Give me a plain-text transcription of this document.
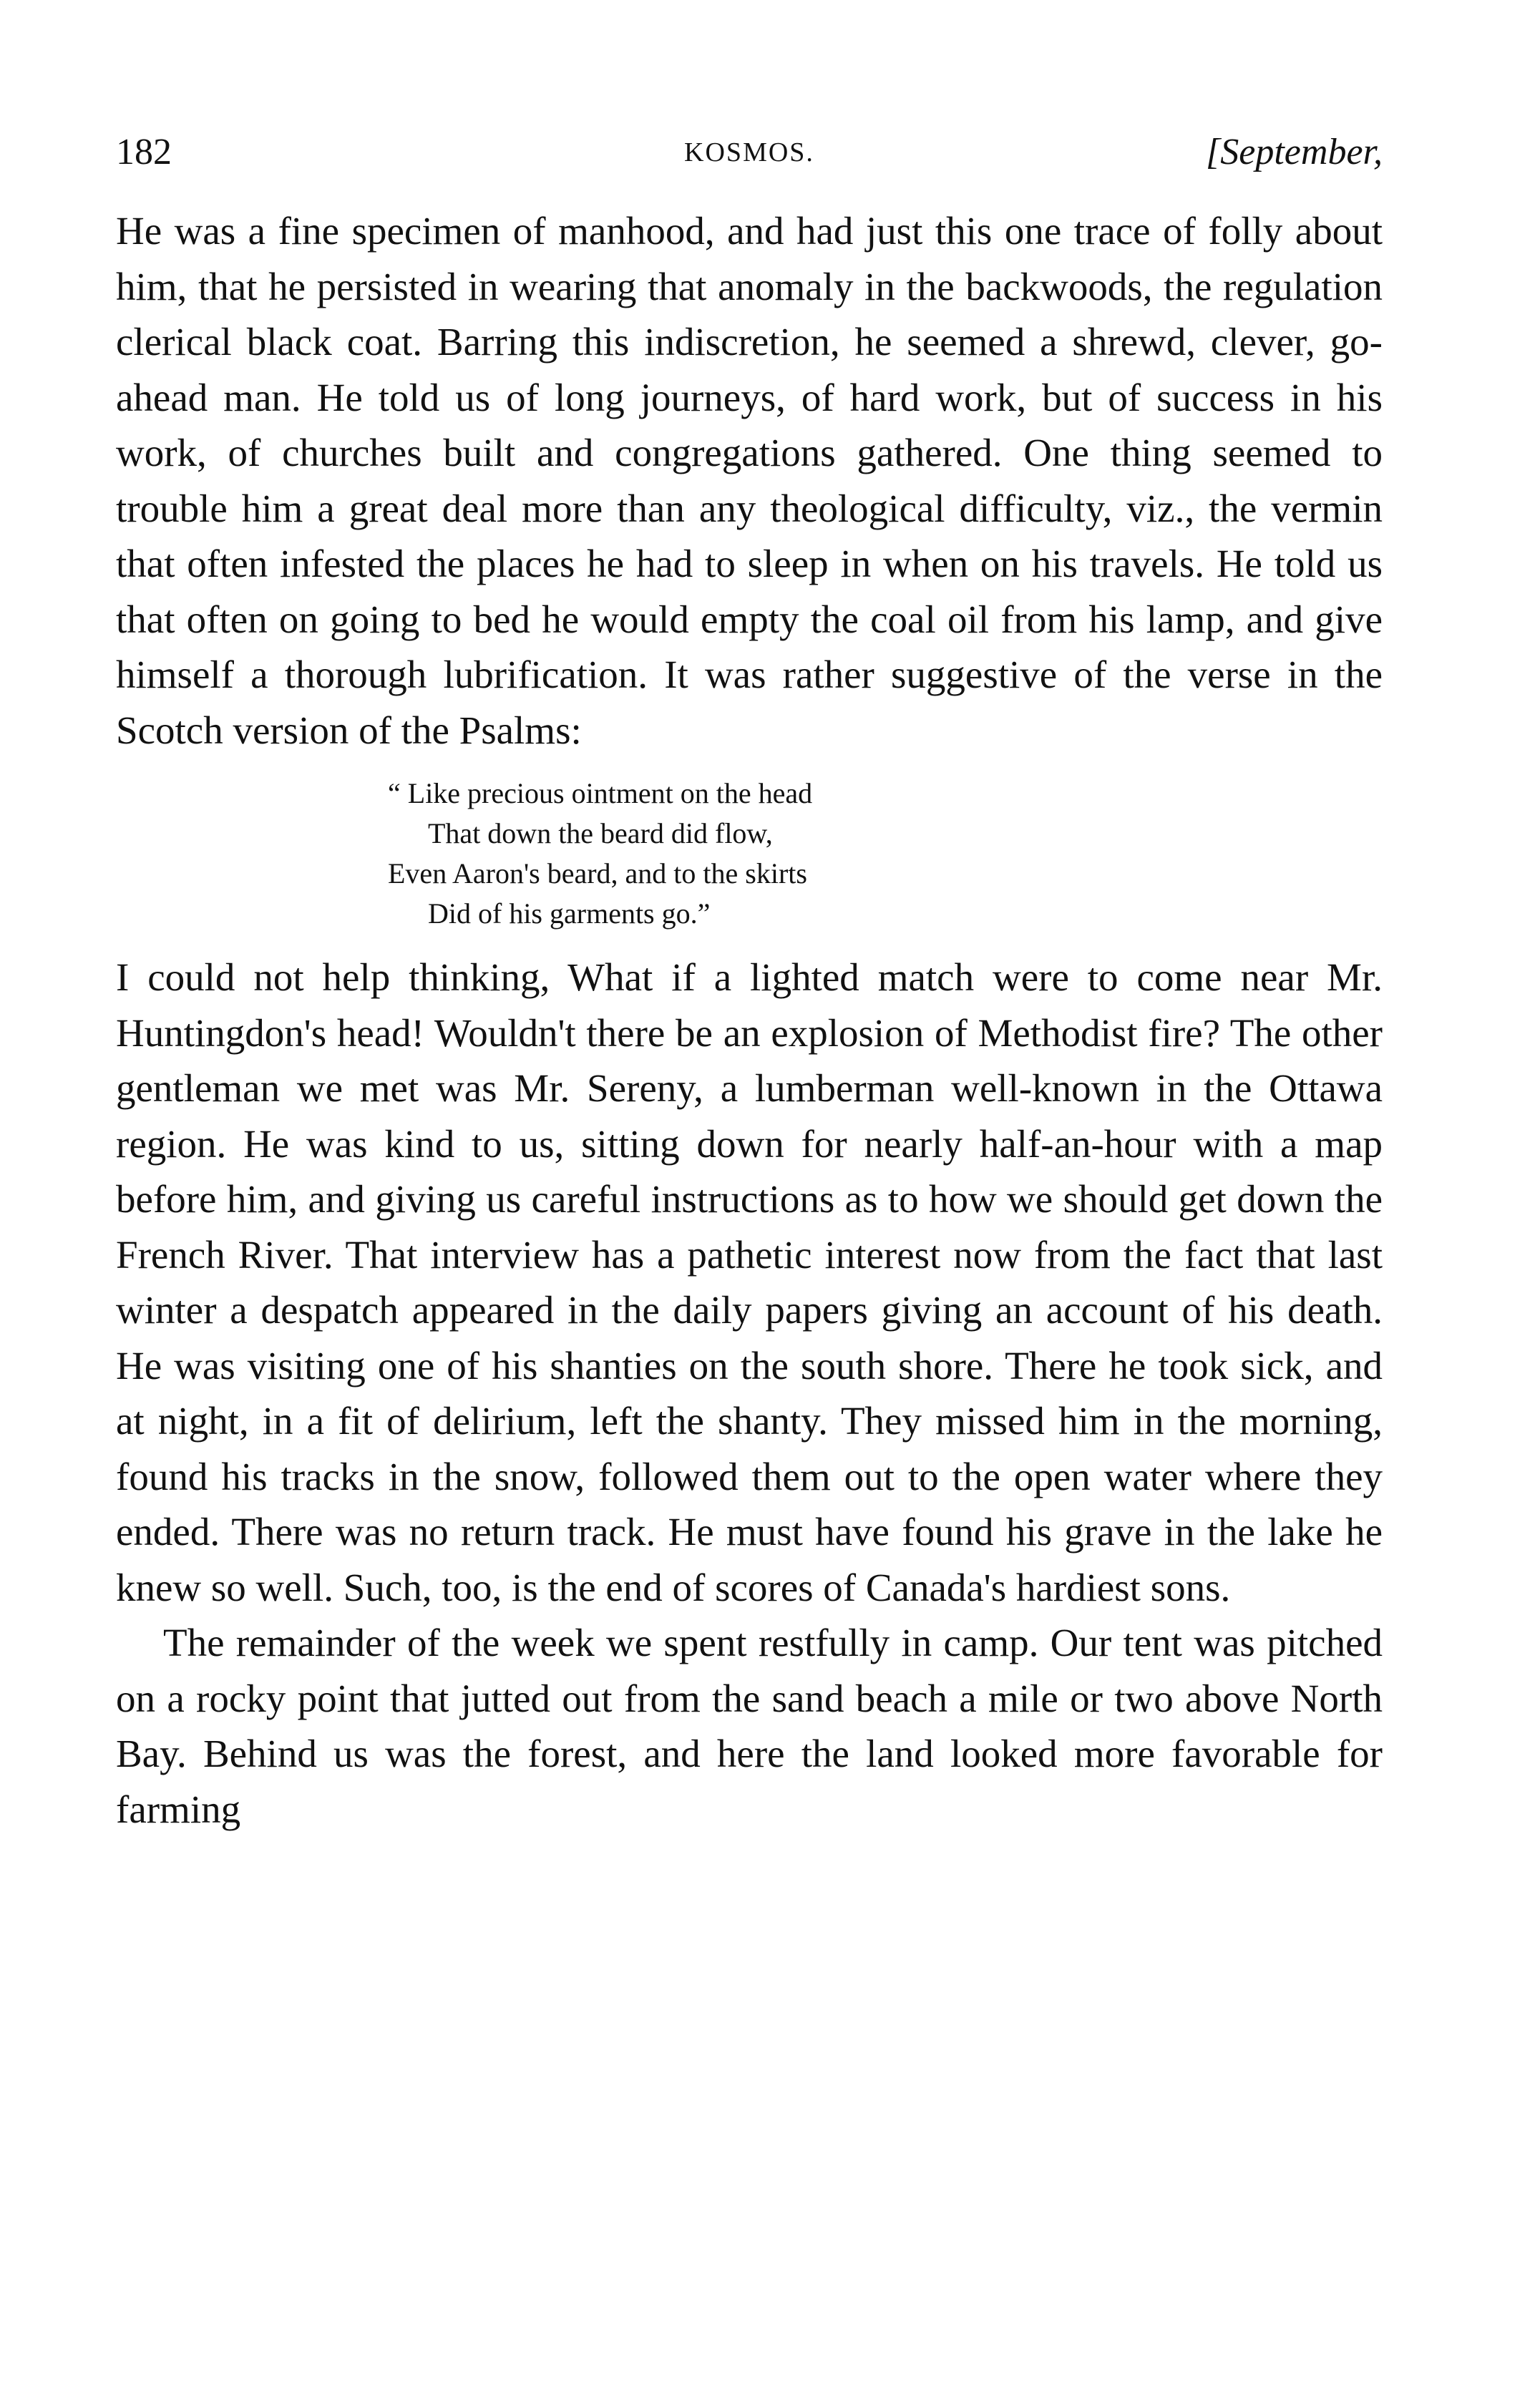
182	KOSMOS.	[September,

He was a fine specimen of manhood, and had just this one trace of folly about him, that he persisted in wearing that anomaly in the backwoods, the regulation clerical black coat. Barring this indiscretion, he seemed a shrewd, clever, go-ahead man. He told us of long journeys, of hard work, but of success in his work, of churches built and congregations gathered. One thing seemed to trouble him a great deal more than any theological difficulty, viz., the vermin that often infested the places he had to sleep in when on his travels. He told us that often on going to bed he would empty the coal oil from his lamp, and give himself a thorough lubrification. It was rather suggestive of the verse in the Scotch version of the Psalms:

“ Like precious ointment on the head
That down the beard did flow,
Even Aaron's beard, and to the skirts
Did of his garments go.”

I could not help thinking, What if a lighted match were to come near Mr. Huntingdon's head! Wouldn't there be an explosion of Methodist fire? The other gentleman we met was Mr. Sereny, a lumberman well-known in the Ottawa region. He was kind to us, sitting down for nearly half-an-hour with a map before him, and giving us careful instructions as to how we should get down the French River. That interview has a pathetic interest now from the fact that last winter a despatch appeared in the daily papers giving an account of his death. He was visiting one of his shanties on the south shore. There he took sick, and at night, in a fit of delirium, left the shanty. They missed him in the morning, found his tracks in the snow, followed them out to the open water where they ended. There was no return track. He must have found his grave in the lake he knew so well. Such, too, is the end of scores of Canada's hardiest sons.

The remainder of the week we spent restfully in camp. Our tent was pitched on a rocky point that jutted out from the sand beach a mile or two above North Bay. Behind us was the forest, and here the land looked more favorable for farming
